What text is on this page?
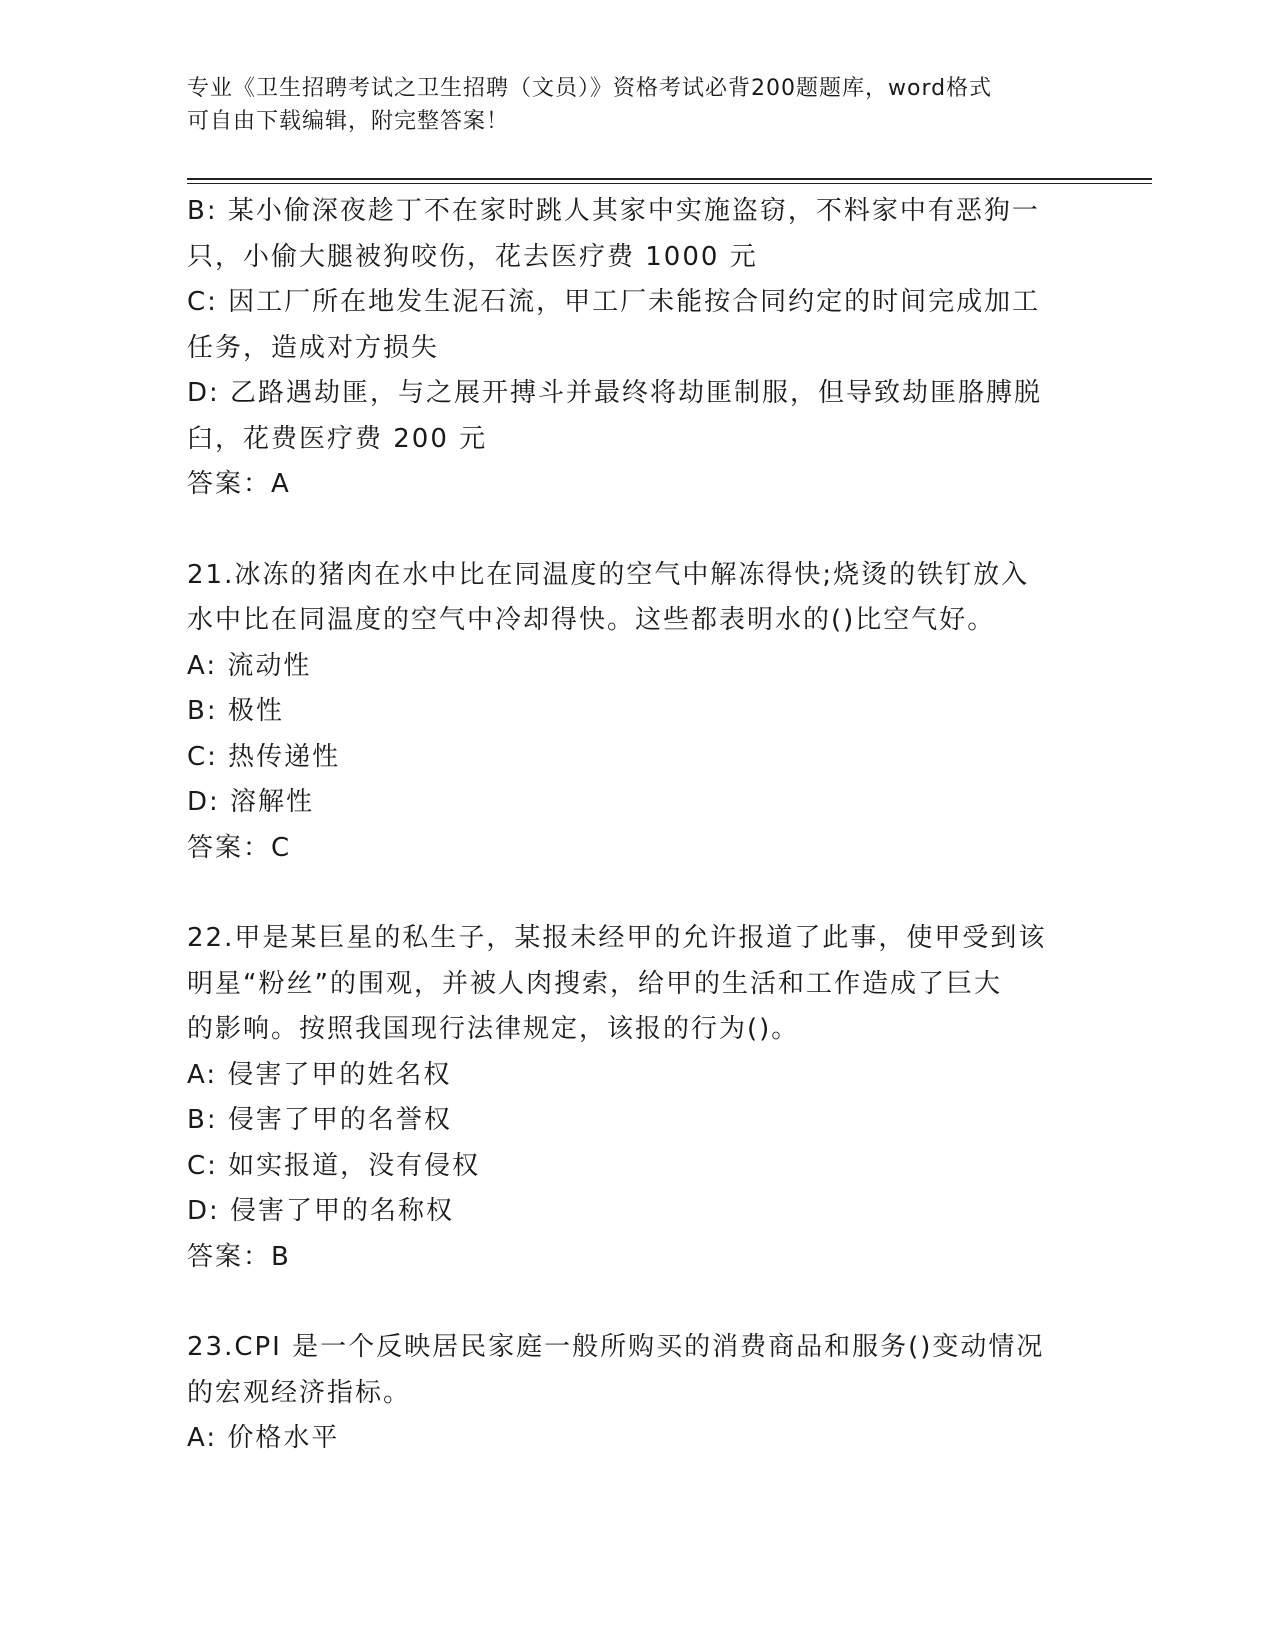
专业《卫生招聘考试之卫生招聘（文员）》资格考试必背200题题库，word格式

可自由下载编辑，附完整答案！

B: 某小偷深夜趁丁不在家时跳人其家中实施盗窃，不料家中有恶狗一

只，小偷大腿被狗咬伤，花去医疗费 1000 元

C: 因工厂所在地发生泥石流，甲工厂未能按合同约定的时间完成加工

任务，造成对方损失

D: 乙路遇劫匪，与之展开搏斗并最终将劫匪制服，但导致劫匪胳膊脱

臼，花费医疗费 200 元

答案：A

21.冰冻的猪肉在水中比在同温度的空气中解冻得快;烧烫的铁钉放入

水中比在同温度的空气中冷却得快。这些都表明水的()比空气好。

A: 流动性

B: 极性

C: 热传递性

D: 溶解性

答案：C

22.甲是某巨星的私生子，某报未经甲的允许报道了此事，使甲受到该

明星“粉丝”的围观，并被人肉搜索，给甲的生活和工作造成了巨大

的影响。按照我国现行法律规定，该报的行为()。

A: 侵害了甲的姓名权

B: 侵害了甲的名誉权

C: 如实报道，没有侵权

D: 侵害了甲的名称权

答案：B

23.CPI 是一个反映居民家庭一般所购买的消费商品和服务()变动情况

的宏观经济指标。

A: 价格水平
